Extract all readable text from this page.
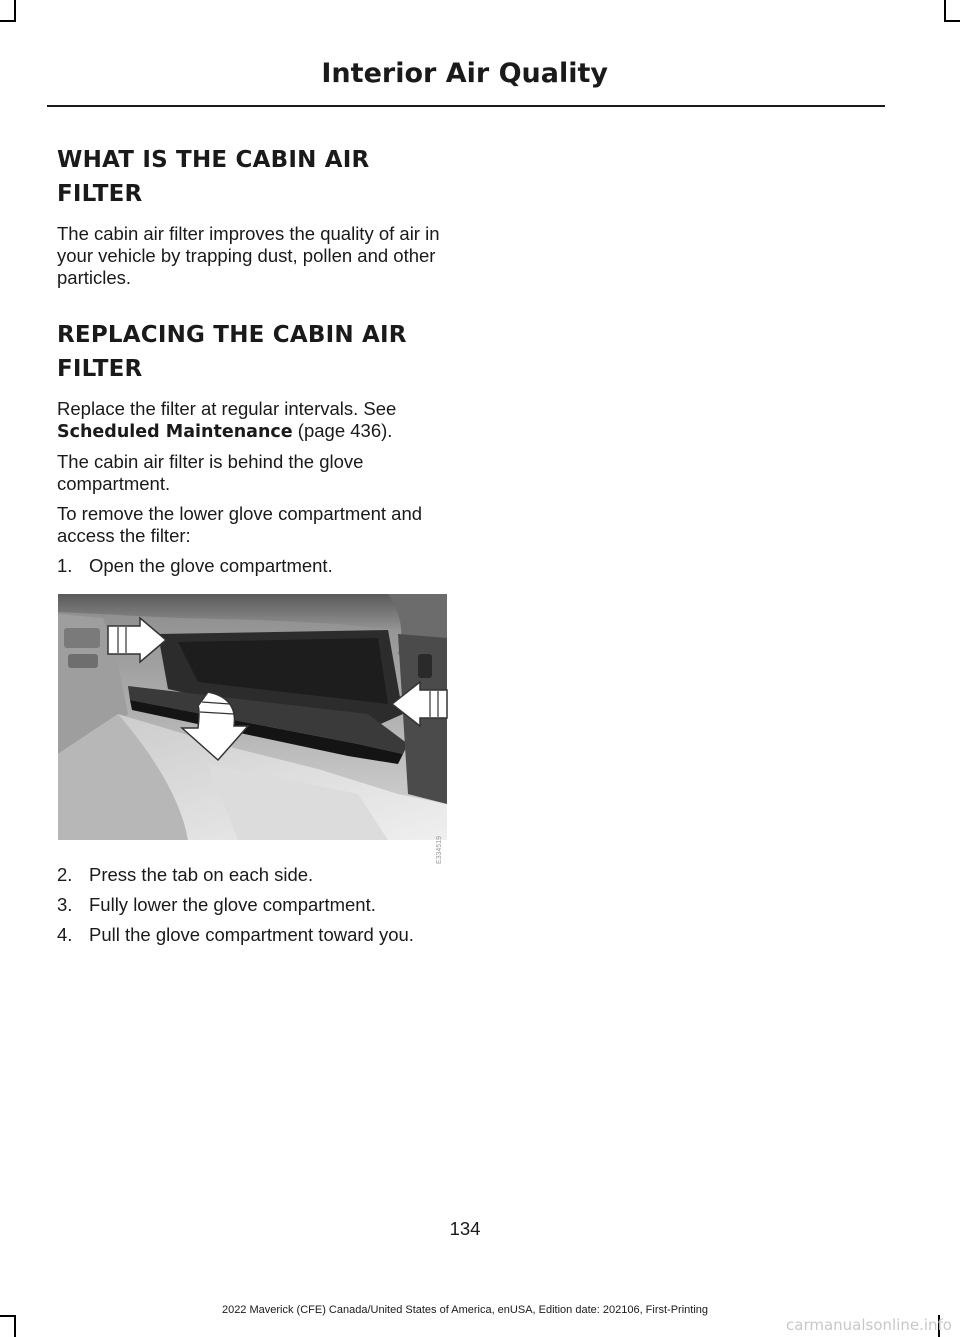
Interior Air Quality
WHAT IS THE CABIN AIR
FILTER

The cabin air filter improves the quality of air in your vehicle by trapping dust, pollen and other particles.

REPLACING THE CABIN AIR
FILTER

Replace the filter at regular intervals. See Scheduled Maintenance (page 436).

The cabin air filter is behind the glove compartment.

To remove the lower glove compartment and access the filter:

1. Open the glove compartment.
E334519
2. Press the tab on each side.
3. Fully lower the glove compartment.
4. Pull the glove compartment toward you.
134
2022 Maverick (CFE) Canada/United States of America, enUSA, Edition date: 202106, First-Printing
carmanualsonline.info
